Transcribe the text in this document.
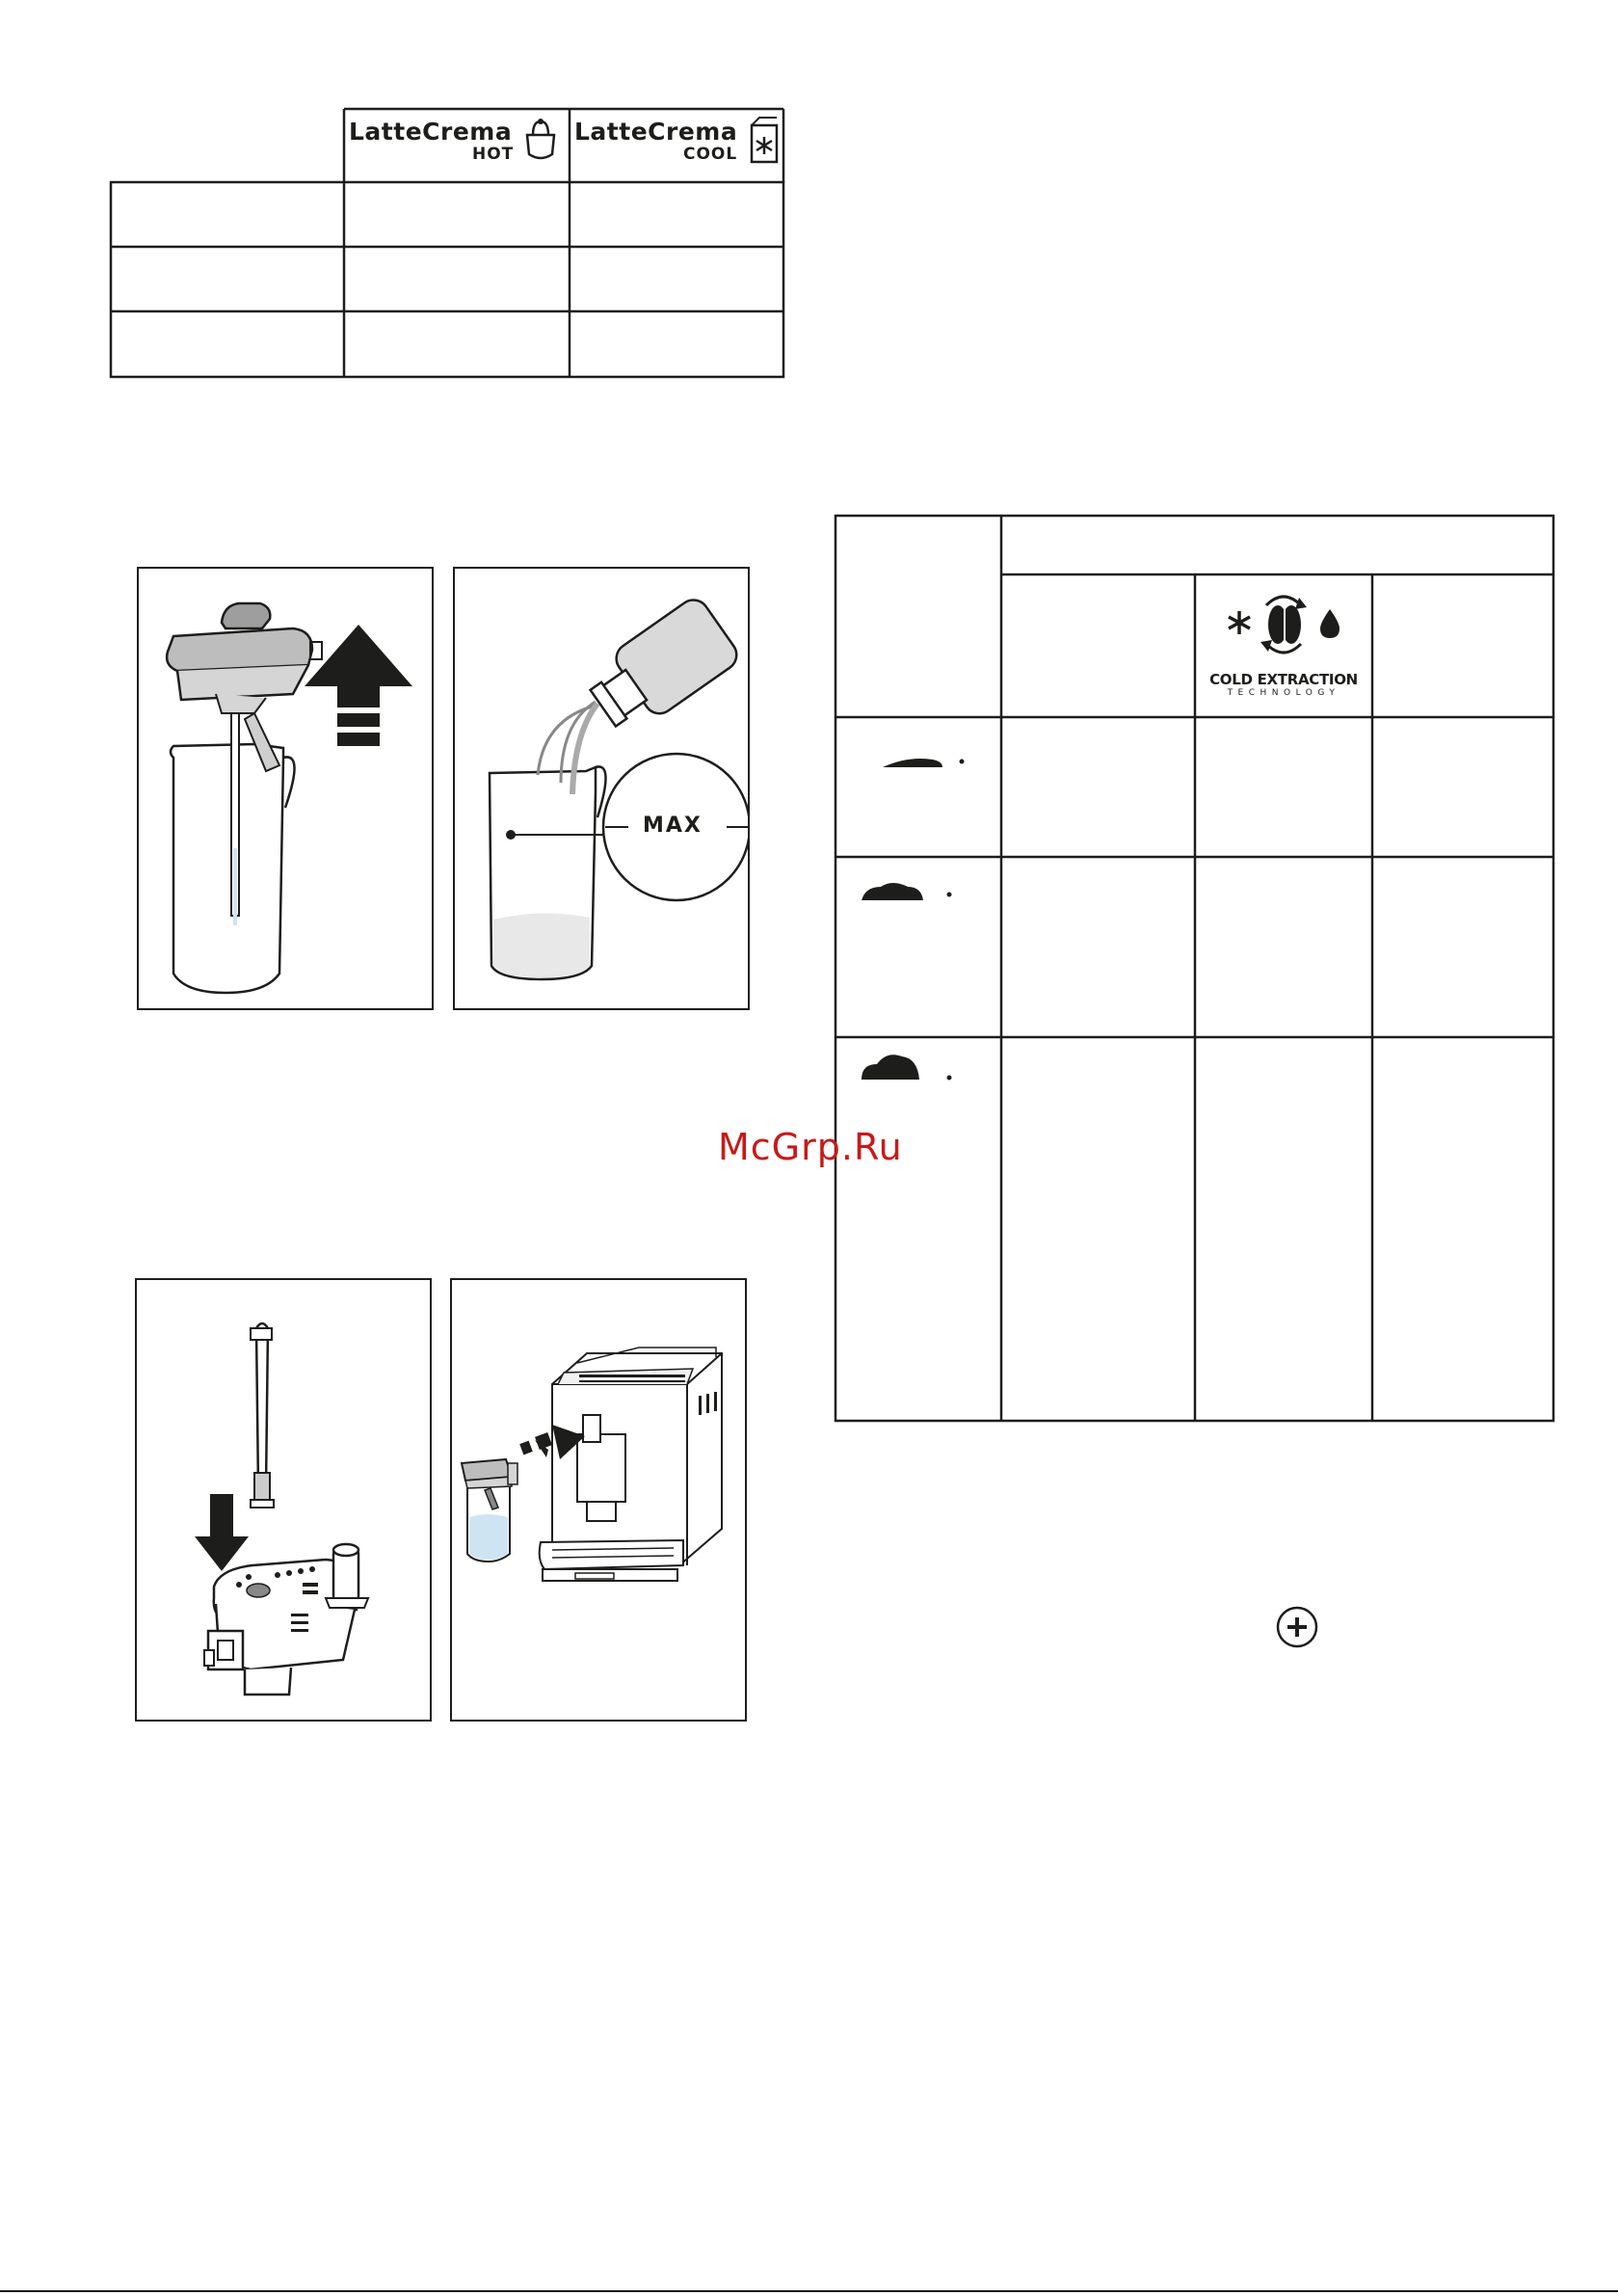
LatteCrema
HOT
LatteCrema
COOL
MAX
COLD EXTRACTION
TECHNOLOGY
McGrp.Ru
